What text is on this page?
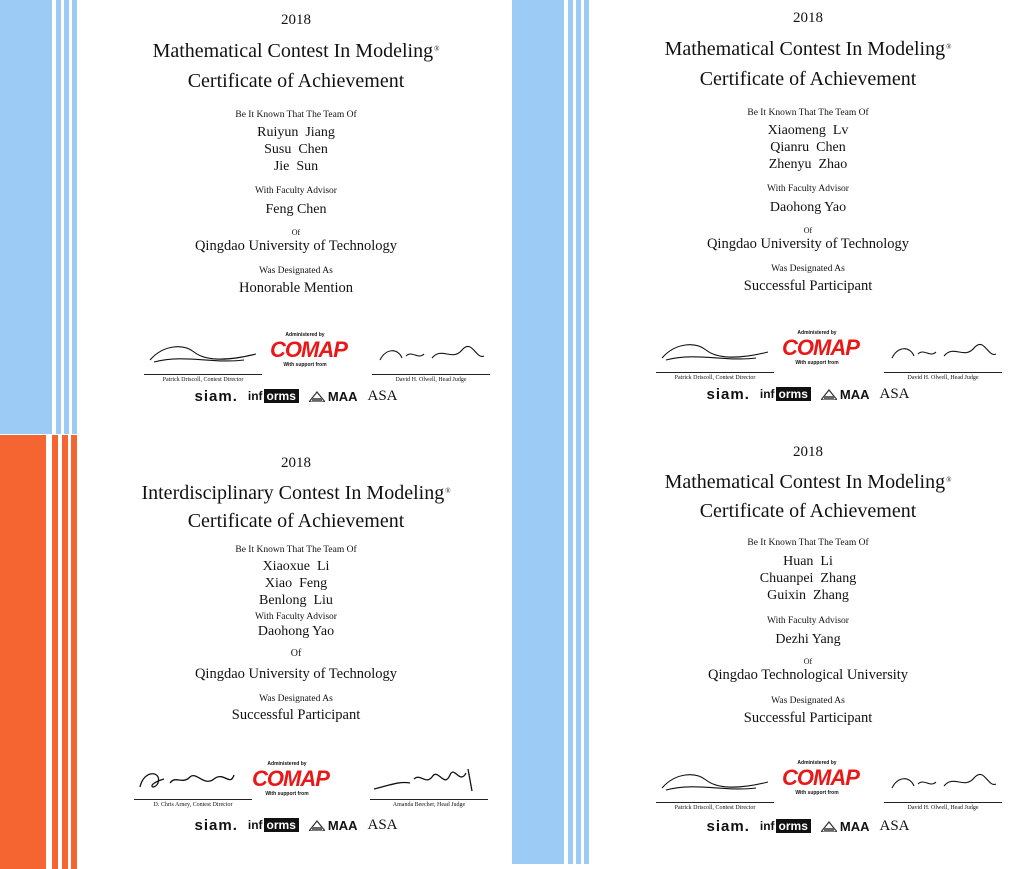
2018
Mathematical Contest In Modeling®
Certificate of Achievement
Be It Known That The Team Of
Ruiyun  Jiang
Susu  Chen
Jie  Sun
With Faculty Advisor
Feng Chen
Of
Qingdao University of Technology
Was Designated As
Honorable Mention
Patrick Driscoll, Contest Director
Administered by
COMAP
With support from
David H. Olwell, Head Judge
siam. inf orms MAA ASA
2018
Mathematical Contest In Modeling®
Certificate of Achievement
Be It Known That The Team Of
Xiaomeng  Lv
Qianru  Chen
Zhenyu  Zhao
With Faculty Advisor
Daohong Yao
Of
Qingdao University of Technology
Was Designated As
Successful Participant
Patrick Driscoll, Contest Director
Administered by
COMAP
With support from
David H. Olwell, Head Judge
siam. inf orms MAA ASA
2018
Interdisciplinary Contest In Modeling®
Certificate of Achievement
Be It Known That The Team Of
Xiaoxue  Li
Xiao  Feng
Benlong  Liu
With Faculty Advisor
Daohong Yao
Of
Qingdao University of Technology
Was Designated As
Successful Participant
D. Chris Arney, Contest Director
Administered by
COMAP
With support from
Amanda Beecher, Head Judge
siam. inf orms MAA ASA
2018
Mathematical Contest In Modeling®
Certificate of Achievement
Be It Known That The Team Of
Huan  Li
Chuanpei  Zhang
Guixin  Zhang
With Faculty Advisor
Dezhi Yang
Of
Qingdao Technological University
Was Designated As
Successful Participant
Patrick Driscoll, Contest Director
Administered by
COMAP
With support from
David H. Olwell, Head Judge
siam. inf orms MAA ASA
